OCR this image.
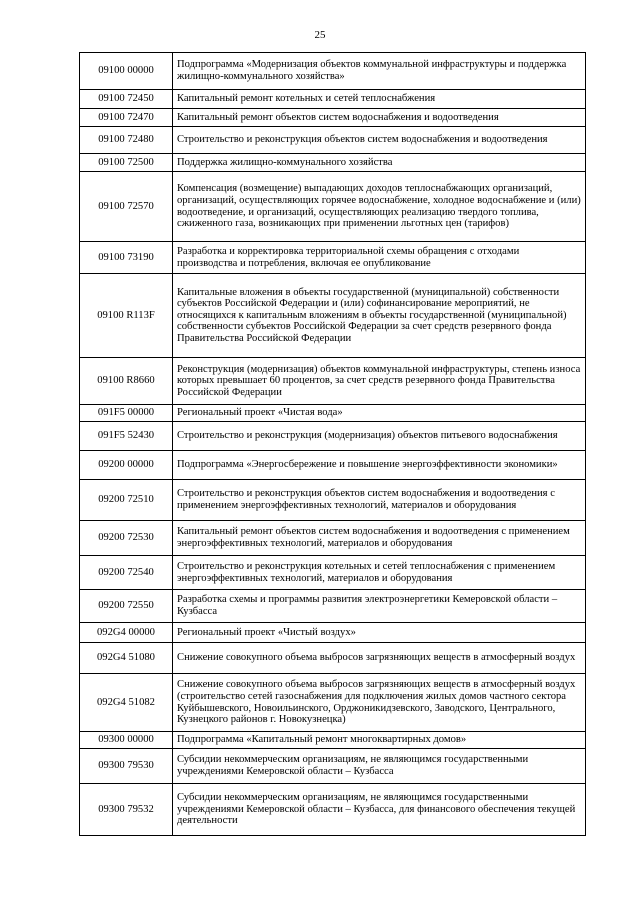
25
09100 00000	Подпрограмма «Модернизация объектов коммунальной инфраструктуры и поддержка жилищно-коммунального хозяйства»
09100 72450	Капитальный ремонт котельных и сетей теплоснабжения
09100 72470	Капитальный ремонт объектов систем водоснабжения и водоотведения
09100 72480	Строительство и реконструкция объектов систем водоснабжения и водоотведения
09100 72500	Поддержка жилищно-коммунального хозяйства
09100 72570	Компенсация (возмещение) выпадающих доходов теплоснабжающих организаций, организаций, осуществляющих горячее водоснабжение, холодное водоснабжение и (или) водоотведение, и организаций, осуществляющих реализацию твердого топлива, сжиженного газа, возникающих при применении льготных цен (тарифов)
09100 73190	Разработка и корректировка территориальной схемы обращения с отходами производства и потребления, включая ее опубликование
09100 R113F	Капитальные вложения в объекты государственной (муниципальной) собственности субъектов Российской Федерации и (или) софинансирование мероприятий, не относящихся к капитальным вложениям в объекты государственной (муниципальной) собственности субъектов Российской Федерации за счет средств резервного фонда Правительства Российской Федерации
09100 R8660	Реконструкция (модернизация) объектов коммунальной инфраструктуры, степень износа которых превышает 60 процентов, за счет средств резервного фонда Правительства Российской Федерации
091F5 00000	Региональный проект «Чистая вода»
091F5 52430	Строительство и реконструкция (модернизация) объектов питьевого водоснабжения
09200 00000	Подпрограмма «Энергосбережение и повышение энергоэффективности экономики»
09200 72510	Строительство и реконструкция объектов систем водоснабжения и водоотведения с применением энергоэффективных технологий, материалов и оборудования
09200 72530	Капитальный ремонт объектов систем водоснабжения и водоотведения с применением энергоэффективных технологий, материалов и оборудования
09200 72540	Строительство и реконструкция котельных и сетей теплоснабжения с применением энергоэффективных технологий, материалов и оборудования
09200 72550	Разработка схемы и программы развития электроэнергетики Кемеровской области – Кузбасса
092G4 00000	Региональный проект «Чистый воздух»
092G4 51080	Снижение совокупного объема выбросов загрязняющих веществ в атмосферный воздух
092G4 51082	Снижение совокупного объема выбросов загрязняющих веществ в атмосферный воздух (строительство сетей газоснабжения для подключения жилых домов частного сектора Куйбышевского, Новоильинского, Орджоникидзевского, Заводского, Центрального, Кузнецкого районов г. Новокузнецка)
09300 00000	Подпрограмма «Капитальный ремонт многоквартирных домов»
09300 79530	Субсидии некоммерческим организациям, не являющимся государственными учреждениями Кемеровской области – Кузбасса
09300 79532	Субсидии некоммерческим организациям, не являющимся государственными учреждениями Кемеровской области – Кузбасса, для финансового обеспечения текущей деятельности
